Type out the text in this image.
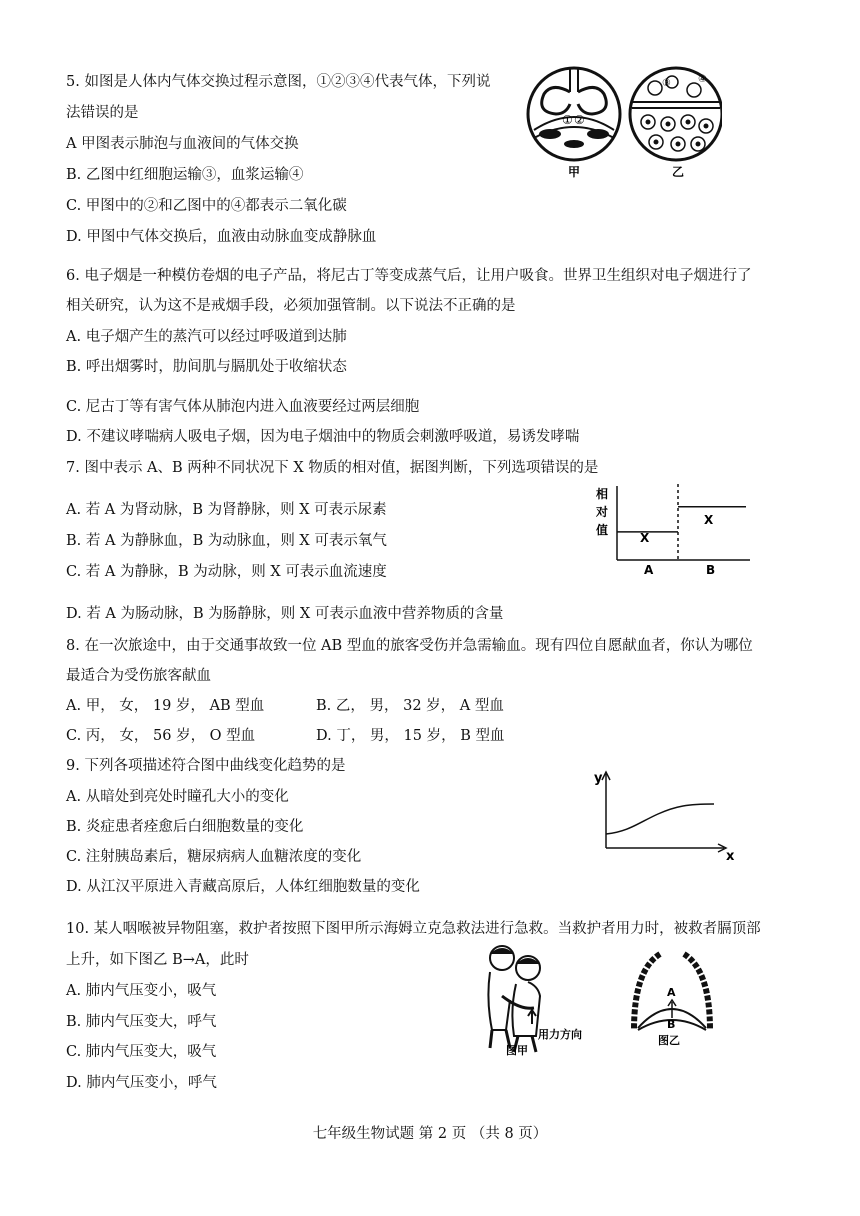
5. 如图是人体内气体交换过程示意图，①②③④代表气体，下列说
法错误的是
A 甲图表示肺泡与血液间的气体交换
B. 乙图中红细胞运输③，血浆运输④
C. 甲图中的②和乙图中的④都表示二氧化碳
D. 甲图中气体交换后，血液由动脉血变成静脉血
① ②
甲
③	④
乙
6. 电子烟是一种模仿卷烟的电子产品，将尼古丁等变成蒸气后，让用户吸食。世界卫生组织对电子烟进行了
相关研究，认为这不是戒烟手段，必须加强管制。以下说法不正确的是
A. 电子烟产生的蒸汽可以经过呼吸道到达肺
B. 呼出烟雾时，肋间肌与膈肌处于收缩状态
C. 尼古丁等有害气体从肺泡内进入血液要经过两层细胞
D. 不建议哮喘病人吸电子烟，因为电子烟油中的物质会刺激呼吸道，易诱发哮喘
7. 图中表示 A、B 两种不同状况下 X 物质的相对值，据图判断，下列选项错误的是
A. 若 A 为肾动脉，B 为肾静脉，则 X 可表示尿素
B. 若 A 为静脉血，B 为动脉血，则 X 可表示氧气
C. 若 A 为静脉，B 为动脉，则 X 可表示血流速度
D. 若 A 为肠动脉，B 为肠静脉，则 X 可表示血液中营养物质的含量
相
对
值
X
X
A	B
8. 在一次旅途中，由于交通事故致一位 AB 型血的旅客受伤并急需输血。现有四位自愿献血者，你认为哪位
最适合为受伤旅客献血
A. 甲， 女， 19 岁， AB 型血	B. 乙， 男， 32 岁， A 型血
C. 丙， 女， 56 岁， O 型血	D. 丁， 男， 15 岁， B 型血
9. 下列各项描述符合图中曲线变化趋势的是
A. 从暗处到亮处时瞳孔大小的变化
B. 炎症患者痊愈后白细胞数量的变化
C. 注射胰岛素后，糖尿病病人血糖浓度的变化
D. 从江汉平原进入青藏高原后，人体红细胞数量的变化
y
x
10. 某人咽喉被异物阻塞，救护者按照下图甲所示海姆立克急救法进行急救。当救护者用力时，被救者膈顶部
上升，如下图乙 B→A，此时
A. 肺内气压变小，吸气
B. 肺内气压变大，呼气
C. 肺内气压变大，吸气
D. 肺内气压变小，呼气
用力方向
图甲
A
B
图乙
七年级生物试题 第 2 页 （共 8 页）
